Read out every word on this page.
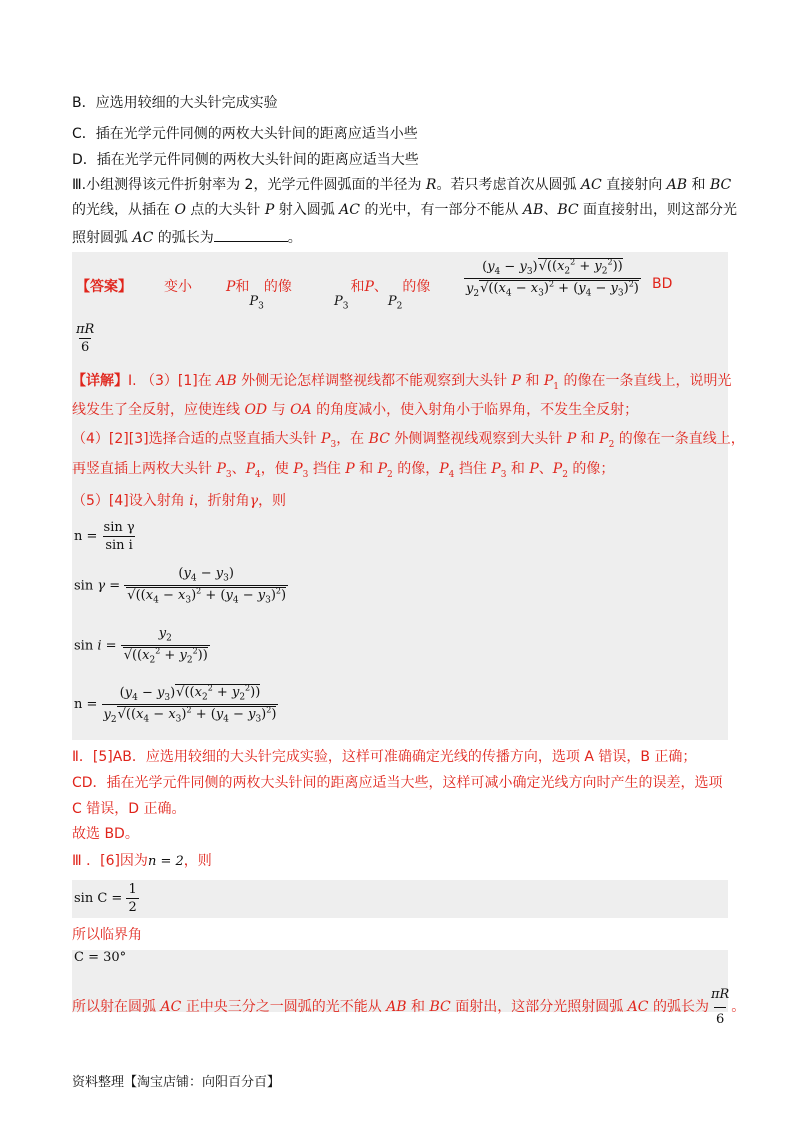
B．应选用较细的大头针完成实验
C．插在光学元件同侧的两枚大头针间的距离应适当小些
D．插在光学元件同侧的两枚大头针间的距离应适当大些
Ⅲ.小组测得该元件折射率为 2，光学元件圆弧面的半径为 R。若只考虑首次从圆弧 AC 直接射向 AB 和 BC
的光线，从插在 O 点的大头针 P 射入圆弧 AC 的光中，有一部分不能从 AB、BC 面直接射出，则这部分光
照射圆弧 AC 的弧长为	。
【答案】 变小 P和$P_3$的像
$P_3$和P、$P_2$的像	$\frac{(y_4 - y_3)√((x_2^2 + y_2^2))}{y_2√((x_4 - x_3)^2 + (y_4 - y_3)^2)}$ BD
$\frac{\pi R}{6}$
【详解】Ⅰ. （3）[1]在 AB 外侧无论怎样调整视线都不能观察到大头针 P 和 $P_1$ 的像在一条直线上，说明光
线发生了全反射，应使连线 OD 与 OA 的角度减小，使入射角小于临界角，不发生全反射；
（4）[2][3]选择合适的点竖直插大头针 $P_3$，在 BC 外侧调整视线观察到大头针 P 和 $P_2$ 的像在一条直线上，
再竖直插上两枚大头针 $P_3$、$P_4$，使 $P_3$ 挡住 P 和 $P_2$ 的像，$P_4$ 挡住 $P_3$ 和 P、$P_2$ 的像；
（5）[4]设入射角 i，折射角γ，则
$n = \frac{\text{sin γ}}{\text{sin i}}$
$\sin \gamma = \frac{(y_4 - y_3)}{√((x_4 - x_3)^2 + (y_4 - y_3)^2)}$
$\sin i = \frac{y_2}{√((x_2^2 + y_2^2))}$
$n = \frac{(y_4 - y_3)√((x_2^2 + y_2^2))}{y_2√((x_4 - x_3)^2 + (y_4 - y_3)^2)}$
Ⅱ．[5]AB．应选用较细的大头针完成实验，这样可准确确定光线的传播方向，选项 A 错误，B 正确；
CD．插在光学元件同侧的两枚大头针间的距离应适当大些，这样可减小确定光线方向时产生的误差，选项
C 错误，D 正确。
故选 BD。
Ⅲ ．[6]因为n = 2，则
$\sin C = \frac{1}{2}$
所以临界角
C = 30°
所以射在圆弧 AC 正中央三分之一圆弧的光不能从 AB 和 BC 面射出，这部分光照射圆弧 AC 的弧长为 $\frac{\pi R}{6}$ 。
资料整理【淘宝店铺：向阳百分百】
